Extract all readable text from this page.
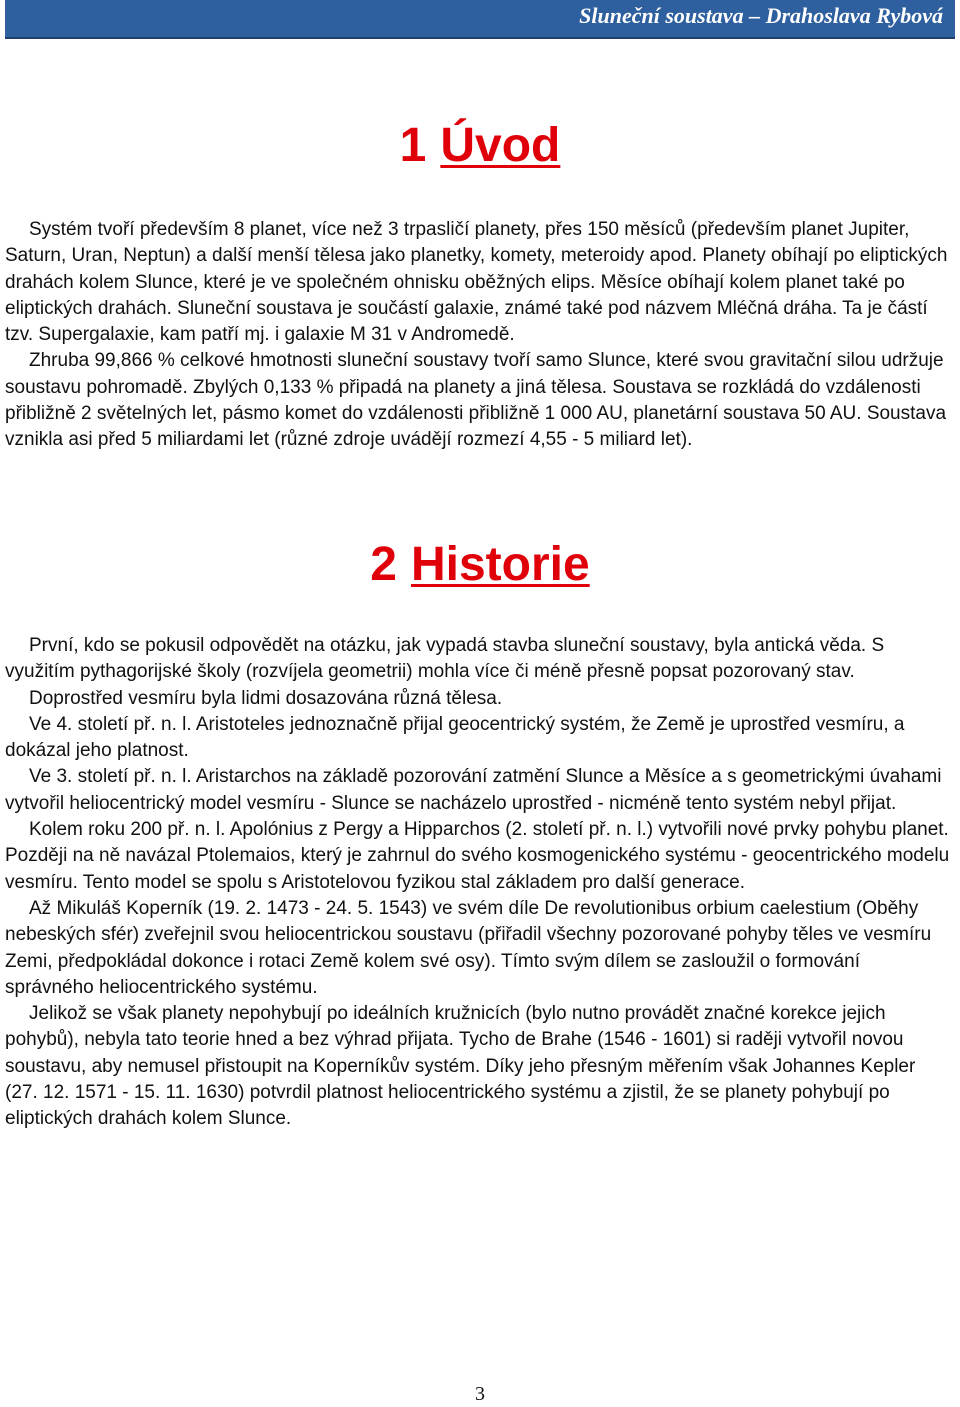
Sluneční soustava – Drahoslava Rybová
1 Úvod

Systém tvoří především 8 planet, více než 3 trpasličí planety, přes 150 měsíců (především planet Jupiter, Saturn, Uran, Neptun) a další menší tělesa jako planetky, komety, meteroidy apod. Planety obíhají po eliptických drahách kolem Slunce, které je ve společném ohnisku oběžných elips. Měsíce obíhají kolem planet také po eliptických drahách. Sluneční soustava je součástí galaxie, známé také pod názvem Mléčná dráha. Ta je částí tzv. Supergalaxie, kam patří mj. i galaxie M 31 v Andromedě.

Zhruba 99,866 % celkové hmotnosti sluneční soustavy tvoří samo Slunce, které svou gravitační silou udržuje soustavu pohromadě. Zbylých 0,133 % připadá na planety a jiná tělesa. Soustava se rozkládá do vzdálenosti přibližně 2 světelných let, pásmo komet do vzdálenosti přibližně 1 000 AU, planetární soustava 50 AU. Soustava vznikla asi před 5 miliardami let (různé zdroje uvádějí rozmezí 4,55 - 5 miliard let).

2 Historie

První, kdo se pokusil odpovědět na otázku, jak vypadá stavba sluneční soustavy, byla antická věda. S využitím pythagorijské školy (rozvíjela geometrii) mohla více či méně přesně popsat pozorovaný stav.

Doprostřed vesmíru byla lidmi dosazována různá tělesa.

Ve 4. století př. n. l. Aristoteles jednoznačně přijal geocentrický systém, že Země je uprostřed vesmíru, a dokázal jeho platnost.

Ve 3. století př. n. l. Aristarchos na základě pozorování zatmění Slunce a Měsíce a s geometrickými úvahami vytvořil heliocentrický model vesmíru - Slunce se nacházelo uprostřed - nicméně tento systém nebyl přijat.

Kolem roku 200 př. n. l. Apolónius z Pergy a Hipparchos (2. století př. n. l.) vytvořili nové prvky pohybu planet. Později na ně navázal Ptolemaios, který je zahrnul do svého kosmogenického systému - geocentrického modelu vesmíru. Tento model se spolu s Aristotelovou fyzikou stal základem pro další generace.

Až Mikuláš Koperník (19. 2. 1473 - 24. 5. 1543) ve svém díle De revolutionibus orbium caelestium (Oběhy nebeských sfér) zveřejnil svou heliocentrickou soustavu (přiřadil všechny pozorované pohyby těles ve vesmíru Zemi, předpokládal dokonce i rotaci Země kolem své osy). Tímto svým dílem se zasloužil o formování správného heliocentrického systému.

Jelikož se však planety nepohybují po ideálních kružnicích (bylo nutno provádět značné korekce jejich pohybů), nebyla tato teorie hned a bez výhrad přijata. Tycho de Brahe (1546 - 1601) si raději vytvořil novou soustavu, aby nemusel přistoupit na Koperníkův systém. Díky jeho přesným měřením však Johannes Kepler (27. 12. 1571 - 15. 11. 1630) potvrdil platnost heliocentrického systému a zjistil, že se planety pohybují po eliptických drahách kolem Slunce.

3
